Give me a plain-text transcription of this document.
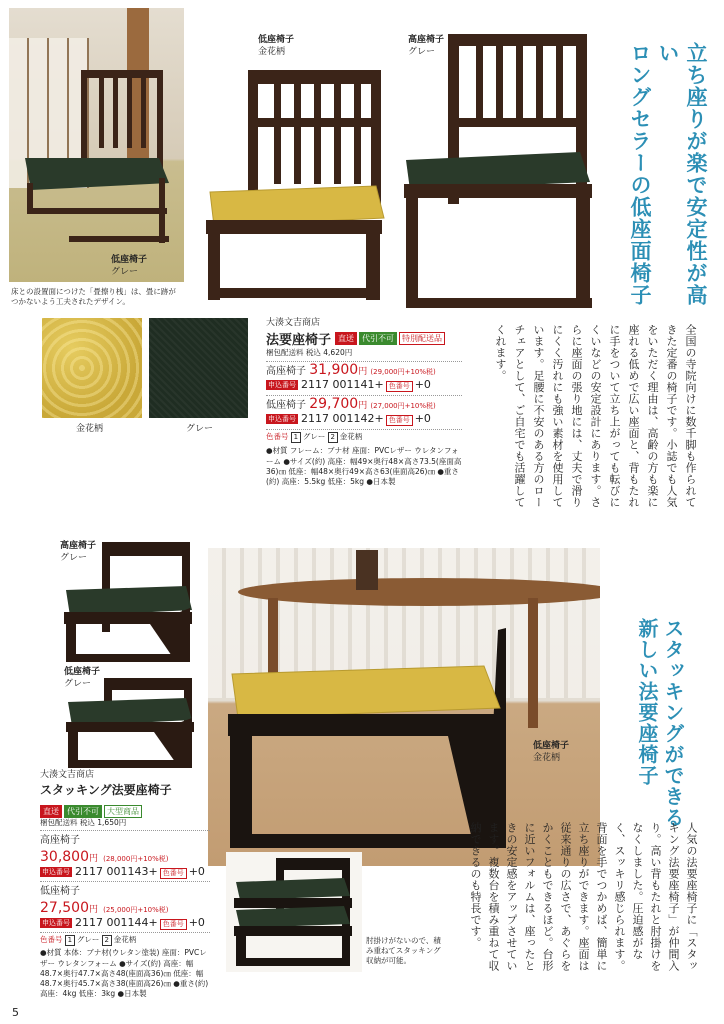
低座椅子
グレー
床との設置面につけた「畳擦り桟」は、畳に跡がつかないよう工夫されたデザイン。
低座椅子
金花柄
高座椅子
グレー	立ち座りが楽で安定性が高い
ロングセラーの低座面椅子
金花柄	グレー
大湊文吉商店
法要座椅子 直送	代引不可	特別配送品
梱包配送料 税込 4,620円
高座椅子 31,900円 (29,000円+10%税)
申込番号 2117 001141+ 色番号 +0
低座椅子 29,700円 (27,000円+10%税)
申込番号 2117 001142+ 色番号 +0
色番号 1 グレー 2 金花柄
●材質 フレーム：ブナ材 座面：PVCレザー ウレタンフォーム ●サイズ(約) 高座：幅49×奥行48×高さ73.5(座面高36)㎝ 低座：幅48×奥行49×高さ63(座面高26)㎝ ●重さ(約) 高座：5.5kg 低座：5kg ●日本製	全国の寺院向けに数千脚も作られてきた定番の椅子です。小誌でも人気をいただく理由は、高齢の方も楽に座れる低めで広い座面と、背もたれに手をついて立ち上がっても転びにくいなどの安定設計にあります。さらに座面の張り地には、丈夫で滑りにくく汚れにも強い素材を使用しています。足腰に不安のある方のローチェアとして、ご自宅でも活躍してくれます。
高座椅子
グレー
低座椅子
グレー
低座椅子
金花柄	スタッキングができる
新しい法要座椅子
大湊文吉商店
スタッキング法要座椅子
直送 代引不可 大型商品
梱包配送料 税込 1,650円
高座椅子
30,800円 (28,000円+10%税)
申込番号 2117 001143+ 色番号 +0
低座椅子
27,500円 (25,000円+10%税)
申込番号 2117 001144+ 色番号 +0
色番号 1 グレー 2 金花柄
●材質 本体：ブナ材(ウレタン塗装) 座面：PVCレザー ウレタンフォーム ●サイズ(約) 高座：幅48.7×奥行47.7×高さ48(座面高36)㎝ 低座：幅48.7×奥行45.7×高さ38(座面高26)㎝ ●重さ(約) 高座：4kg 低座：3kg ●日本製
肘掛けがないので、積み重ねてスタッキング収納が可能。	人気の法要座椅子に「スタッキング法要座椅子」が仲間入り。高い背もたれと肘掛けをなくしました。圧迫感がなく、スッキリ感じられます。背面を手でつかめば、簡単に立ち座りができます。座面は従来通りの広さで、あぐらをかくこともできるほど。台形に近いフォルムは、座ったときの安定感をアップさせています。複数台を積み重ねて収納できるのも特長です。
5
